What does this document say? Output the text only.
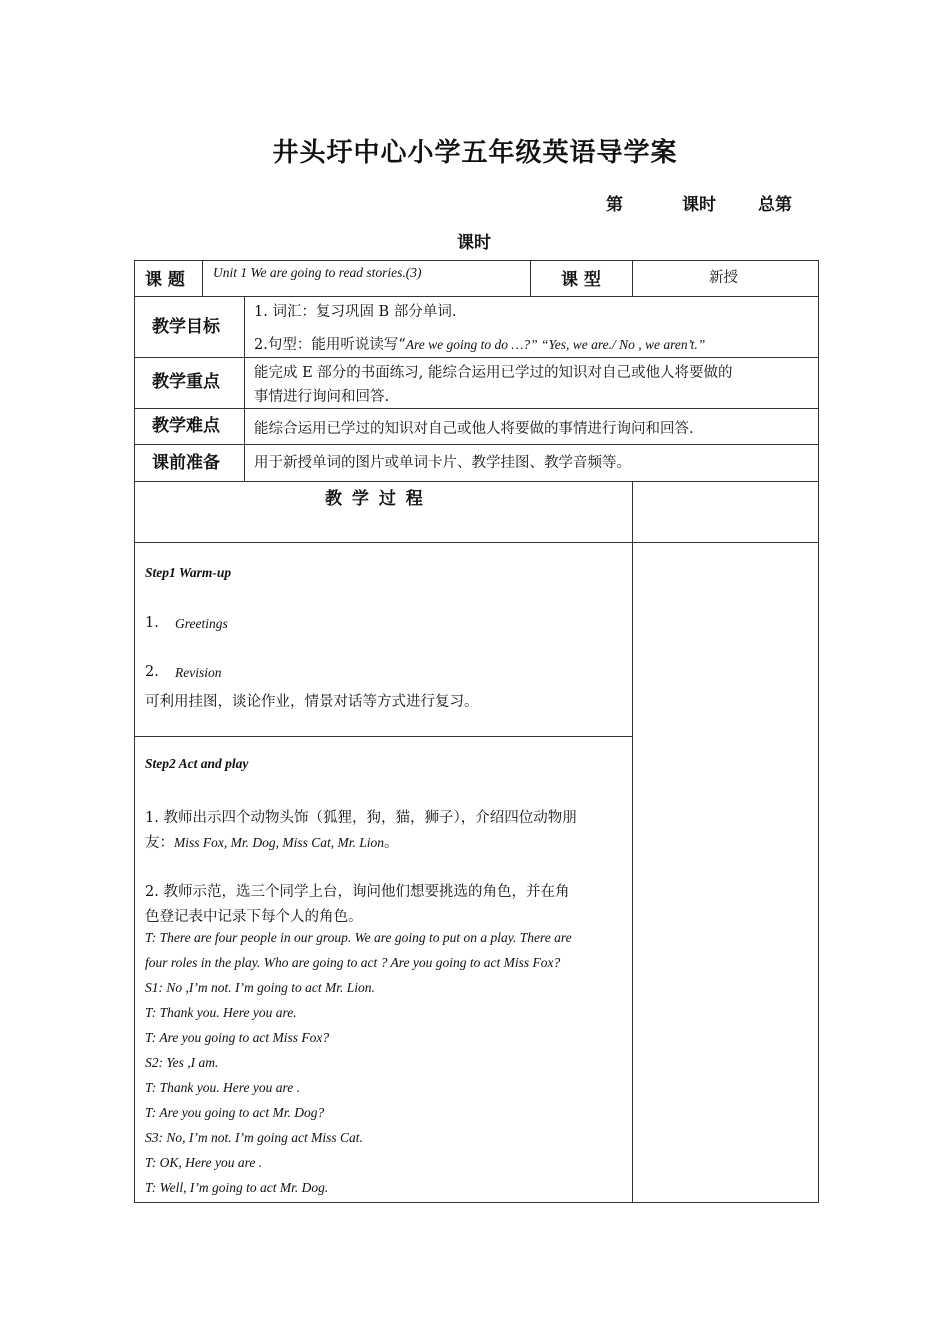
井头圩中心小学五年级英语导学案
第	课时 总第
课时
课 题 Unit 1 We are going to read stories.(3)	课 型	新授
教学目标
1. 词汇：复习巩固 B 部分单词.
2.句型：能用听说读写“Are we going to do …?” “Yes, we are./ No , we aren’t.”
教学重点 能完成 E 部分的书面练习, 能综合运用已学过的知识对自己或他人将要做的
事情进行询问和回答.
教学难点 能综合运用已学过的知识对自己或他人将要做的事情进行询问和回答.
课前准备 用于新授单词的图片或单词卡片、教学挂图、教学音频等。
教 学 过 程
Step1 Warm-up
1. Greetings
2. Revision
可利用挂图，谈论作业，情景对话等方式进行复习。
Step2 Act and play
1. 教师出示四个动物头饰（狐狸，狗，猫，狮子），介绍四位动物朋
友：Miss Fox, Mr. Dog, Miss Cat, Mr. Lion。
2. 教师示范，选三个同学上台，询问他们想要挑选的角色，并在角
色登记表中记录下每个人的角色。
T: There are four people in our group. We are going to put on a play. There are
four roles in the play. Who are going to act ? Are you going to act Miss Fox?
S1: No ,I’m not. I’m going to act Mr. Lion.
T: Thank you. Here you are.
T: Are you going to act Miss Fox?
S2: Yes ,I am.
T: Thank you. Here you are .
T: Are you going to act Mr. Dog?
S3: No, I’m not. I’m going act Miss Cat.
T: OK, Here you are .
T: Well, I’m going to act Mr. Dog.
